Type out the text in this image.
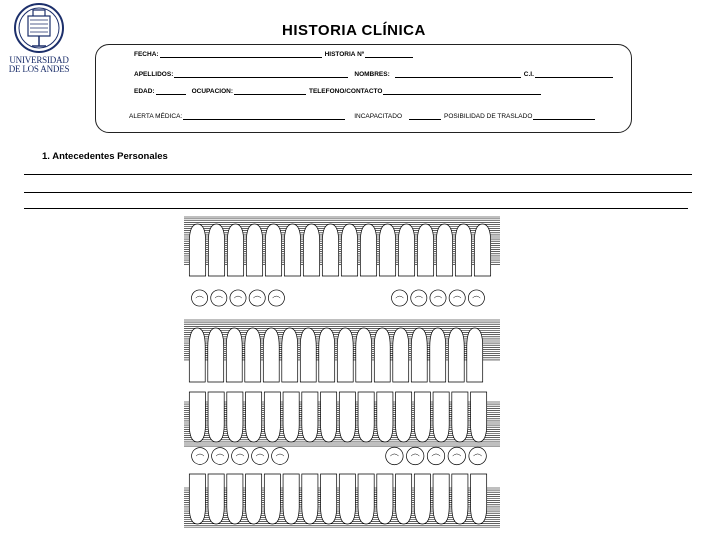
UNIVERSIDAD
DE LOS ANDES
HISTORIA CLÍNICA
FECHA:	HISTORIA Nº
APELLIDOS:	NOMBRES:	C.I.
EDAD:	OCUPACION:	TELEFONO/CONTACTO
ALERTA MÉDICA:	INCAPACITADO	POSIBILIDAD DE TRASLADO
1. Antecedentes Personales
